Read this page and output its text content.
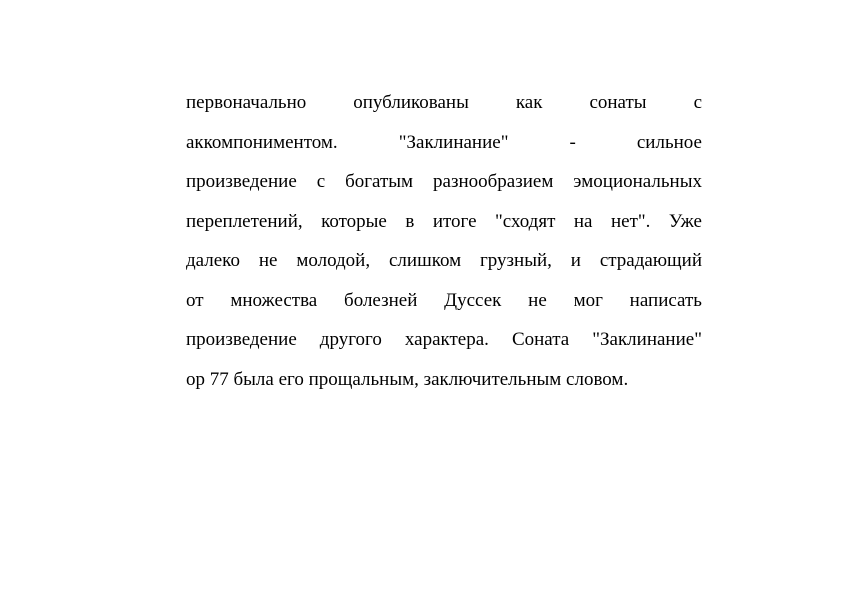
первоначально опубликованы как сонаты с
аккомпониментом.	"Заклинание"	-	сильное
произведение с богатым разнообразием эмоциональных
переплетений, которые в итоге "сходят на нет". Уже
далеко не молодой, слишком грузный, и страдающий
от множества болезней Дуссек не мог написать
произведение другого характера. Соната "Заклинание"
ор 77 была его прощальным, заключительным словом.
